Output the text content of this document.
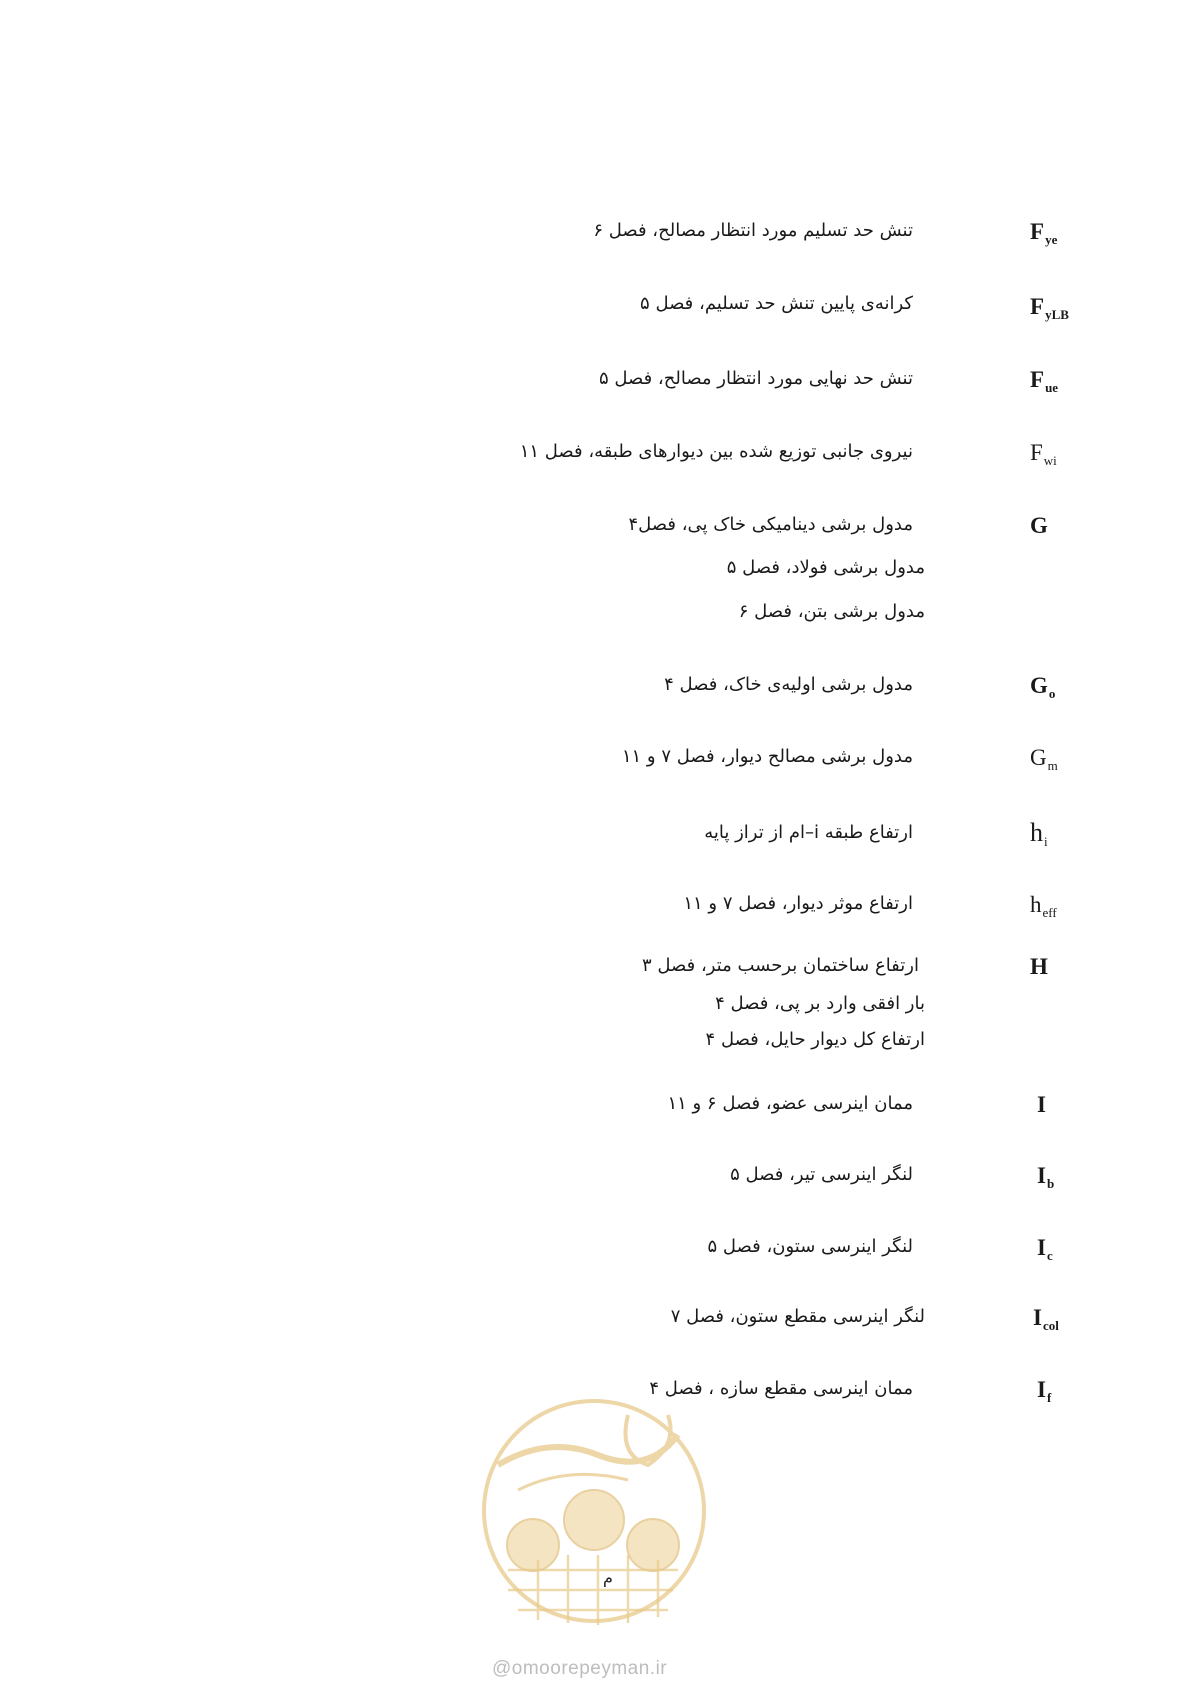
$F_{ye}$
تنش حد تسلیم مورد انتظار مصالح، فصل ۶
$F_{yLB}$
کرانه‌ی پایین تنش حد تسلیم، فصل ۵
$F_{ue}$
تنش حد نهایی مورد انتظار مصالح، فصل ۵
$F_{wi}$
نیروی جانبی توزیع شده بین دیوارهای طبقه، فصل ۱۱
G
مدول برشی دینامیکی خاک پی، فصل۴
مدول برشی فولاد، فصل ۵
مدول برشی بتن، فصل ۶
$G_o$
مدول برشی اولیه‌ی خاک، فصل ۴
$G_m$
مدول برشی مصالح دیوار، فصل ۷ و ۱۱
$h_i$
ارتفاع طبقه i–ام از تراز پایه
$h_{eff}$
ارتفاع موثر دیوار، فصل ۷ و ۱۱
H
ارتفاع ساختمان برحسب متر، فصل ۳
بار افقی وارد بر پی، فصل ۴
ارتفاع کل دیوار حایل، فصل ۴
I
ممان اینرسی عضو، فصل ۶ و ۱۱
$I_b$
لنگر اینرسی تیر، فصل ۵
$I_c$
لنگر اینرسی ستون، فصل ۵
$I_{col}$
لنگر اینرسی مقطع ستون، فصل ۷
$I_f$
ممان اینرسی مقطع سازه ، فصل ۴
م
@omoorepeyman.ir
